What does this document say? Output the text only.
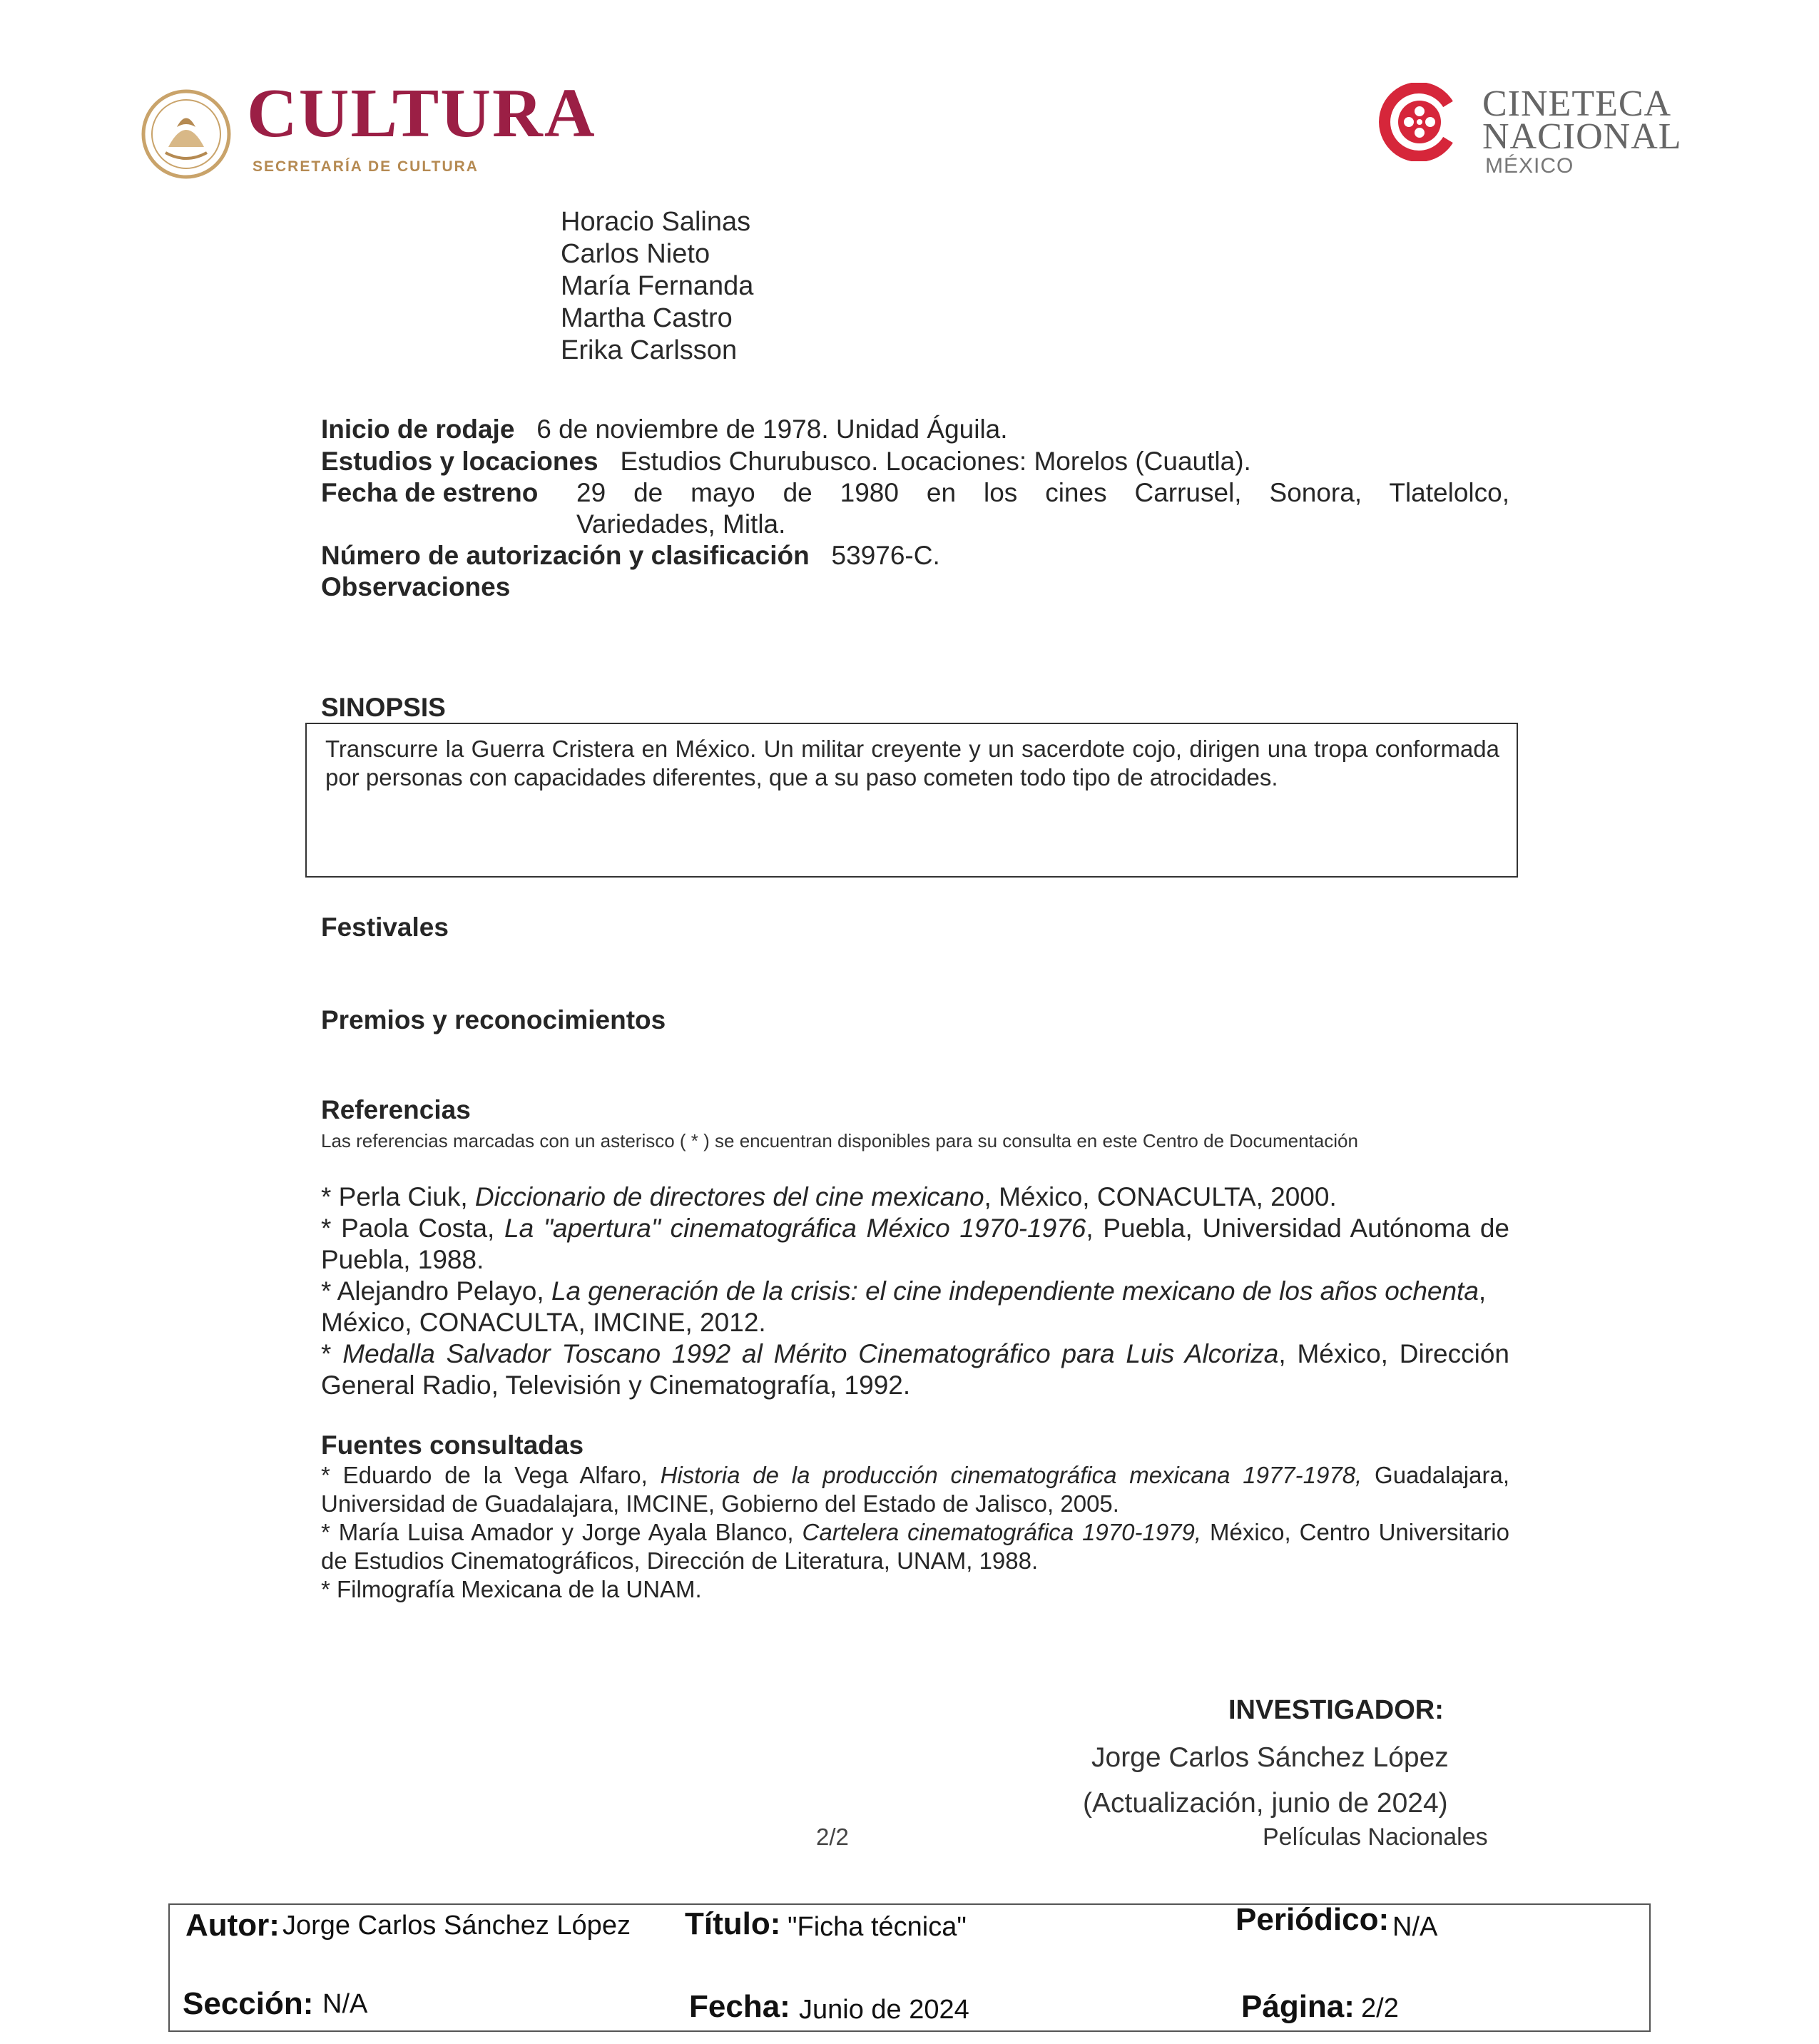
CULTURA
SECRETARÍA DE CULTURA
CINETECA
NACIONAL
MÉXICO
Horacio Salinas
Carlos Nieto
María Fernanda
Martha Castro
Erika Carlsson
Inicio de rodaje 6 de noviembre de 1978. Unidad Águila.
Estudios y locaciones Estudios Churubusco. Locaciones: Morelos (Cuautla).
Fecha de estreno 29 de mayo de 1980 en los cines Carrusel, Sonora, Tlatelolco,
Variedades, Mitla.
Número de autorización y clasificación 53976-C.
Observaciones
SINOPSIS
Transcurre la Guerra Cristera en México. Un militar creyente y un sacerdote cojo, dirigen una tropa conformada por personas con capacidades diferentes, que a su paso cometen todo tipo de atrocidades.
Festivales
Premios y reconocimientos
Referencias
Las referencias marcadas con un asterisco ( * ) se encuentran disponibles para su consulta en este Centro de Documentación
* Perla Ciuk, Diccionario de directores del cine mexicano, México, CONACULTA, 2000.
* Paola Costa, La "apertura" cinematográfica México 1970-1976, Puebla, Universidad Autónoma de Puebla, 1988.
* Alejandro Pelayo, La generación de la crisis: el cine independiente mexicano de los años ochenta, México, CONACULTA, IMCINE, 2012.
* Medalla Salvador Toscano 1992 al Mérito Cinematográfico para Luis Alcoriza, México, Dirección General Radio, Televisión y Cinematografía, 1992.
Fuentes consultadas
* Eduardo de la Vega Alfaro, Historia de la producción cinematográfica mexicana 1977-1978, Guadalajara, Universidad de Guadalajara, IMCINE, Gobierno del Estado de Jalisco, 2005.
* María Luisa Amador y Jorge Ayala Blanco, Cartelera cinematográfica 1970-1979, México, Centro Universitario de Estudios Cinematográficos, Dirección de Literatura, UNAM, 1988.
* Filmografía Mexicana de la UNAM.
INVESTIGADOR:
Jorge Carlos Sánchez López
(Actualización, junio de 2024)
2/2	Películas Nacionales
Autor: Jorge Carlos Sánchez López Título: "Ficha técnica"	Periódico: N/A
Sección: N/A	Fecha: Junio de 2024	Página: 2/2
